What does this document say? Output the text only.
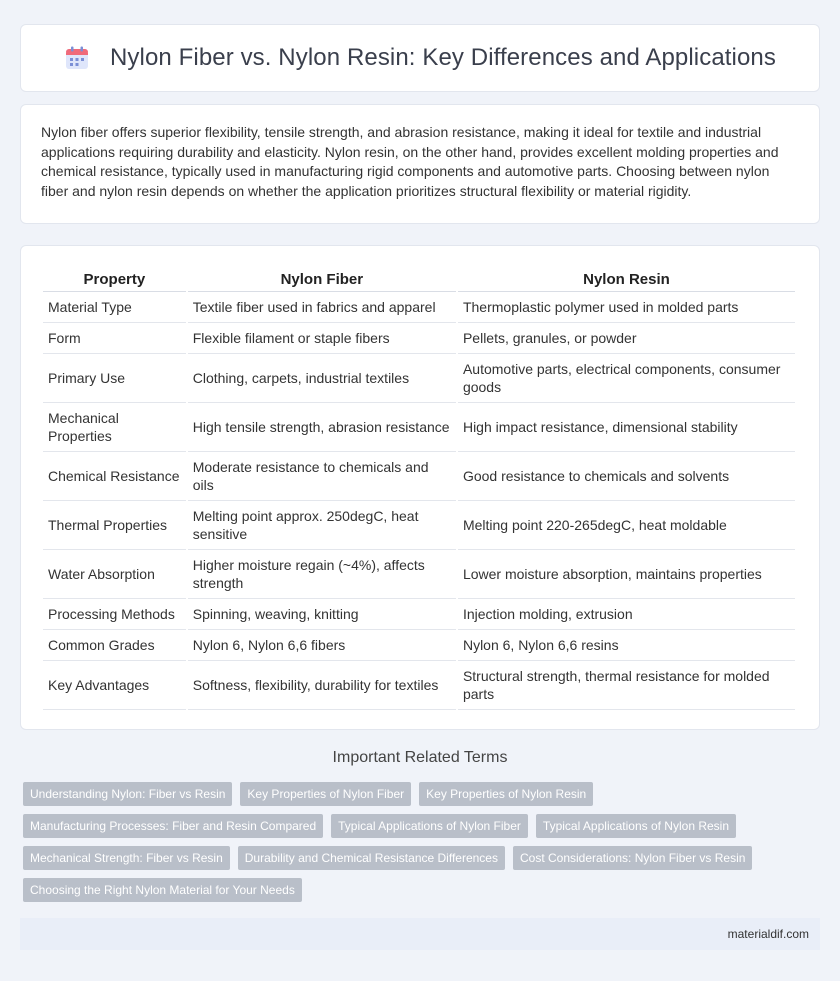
Nylon Fiber vs. Nylon Resin: Key Differences and Applications

Nylon fiber offers superior flexibility, tensile strength, and abrasion resistance, making it ideal for textile and industrial applications requiring durability and elasticity. Nylon resin, on the other hand, provides excellent molding properties and chemical resistance, typically used in manufacturing rigid components and automotive parts. Choosing between nylon fiber and nylon resin depends on whether the application prioritizes structural flexibility or material rigidity.

Property	Nylon Fiber	Nylon Resin
Material Type	Textile fiber used in fabrics and apparel	Thermoplastic polymer used in molded parts
Form	Flexible filament or staple fibers	Pellets, granules, or powder
Primary Use	Clothing, carpets, industrial textiles	Automotive parts, electrical components, consumer goods
Mechanical Properties	High tensile strength, abrasion resistance	High impact resistance, dimensional stability
Chemical Resistance	Moderate resistance to chemicals and oils	Good resistance to chemicals and solvents
Thermal Properties	Melting point approx. 250degC, heat sensitive	Melting point 220-265degC, heat moldable
Water Absorption	Higher moisture regain (~4%), affects strength	Lower moisture absorption, maintains properties
Processing Methods	Spinning, weaving, knitting	Injection molding, extrusion
Common Grades	Nylon 6, Nylon 6,6 fibers	Nylon 6, Nylon 6,6 resins
Key Advantages	Softness, flexibility, durability for textiles	Structural strength, thermal resistance for molded parts
Important Related Terms
Understanding Nylon: Fiber vs Resin	Key Properties of Nylon Fiber	Key Properties of Nylon Resin
Manufacturing Processes: Fiber and Resin Compared	Typical Applications of Nylon Fiber	Typical Applications of Nylon Resin
Mechanical Strength: Fiber vs Resin	Durability and Chemical Resistance Differences	Cost Considerations: Nylon Fiber vs Resin
Choosing the Right Nylon Material for Your Needs
materialdif.com
